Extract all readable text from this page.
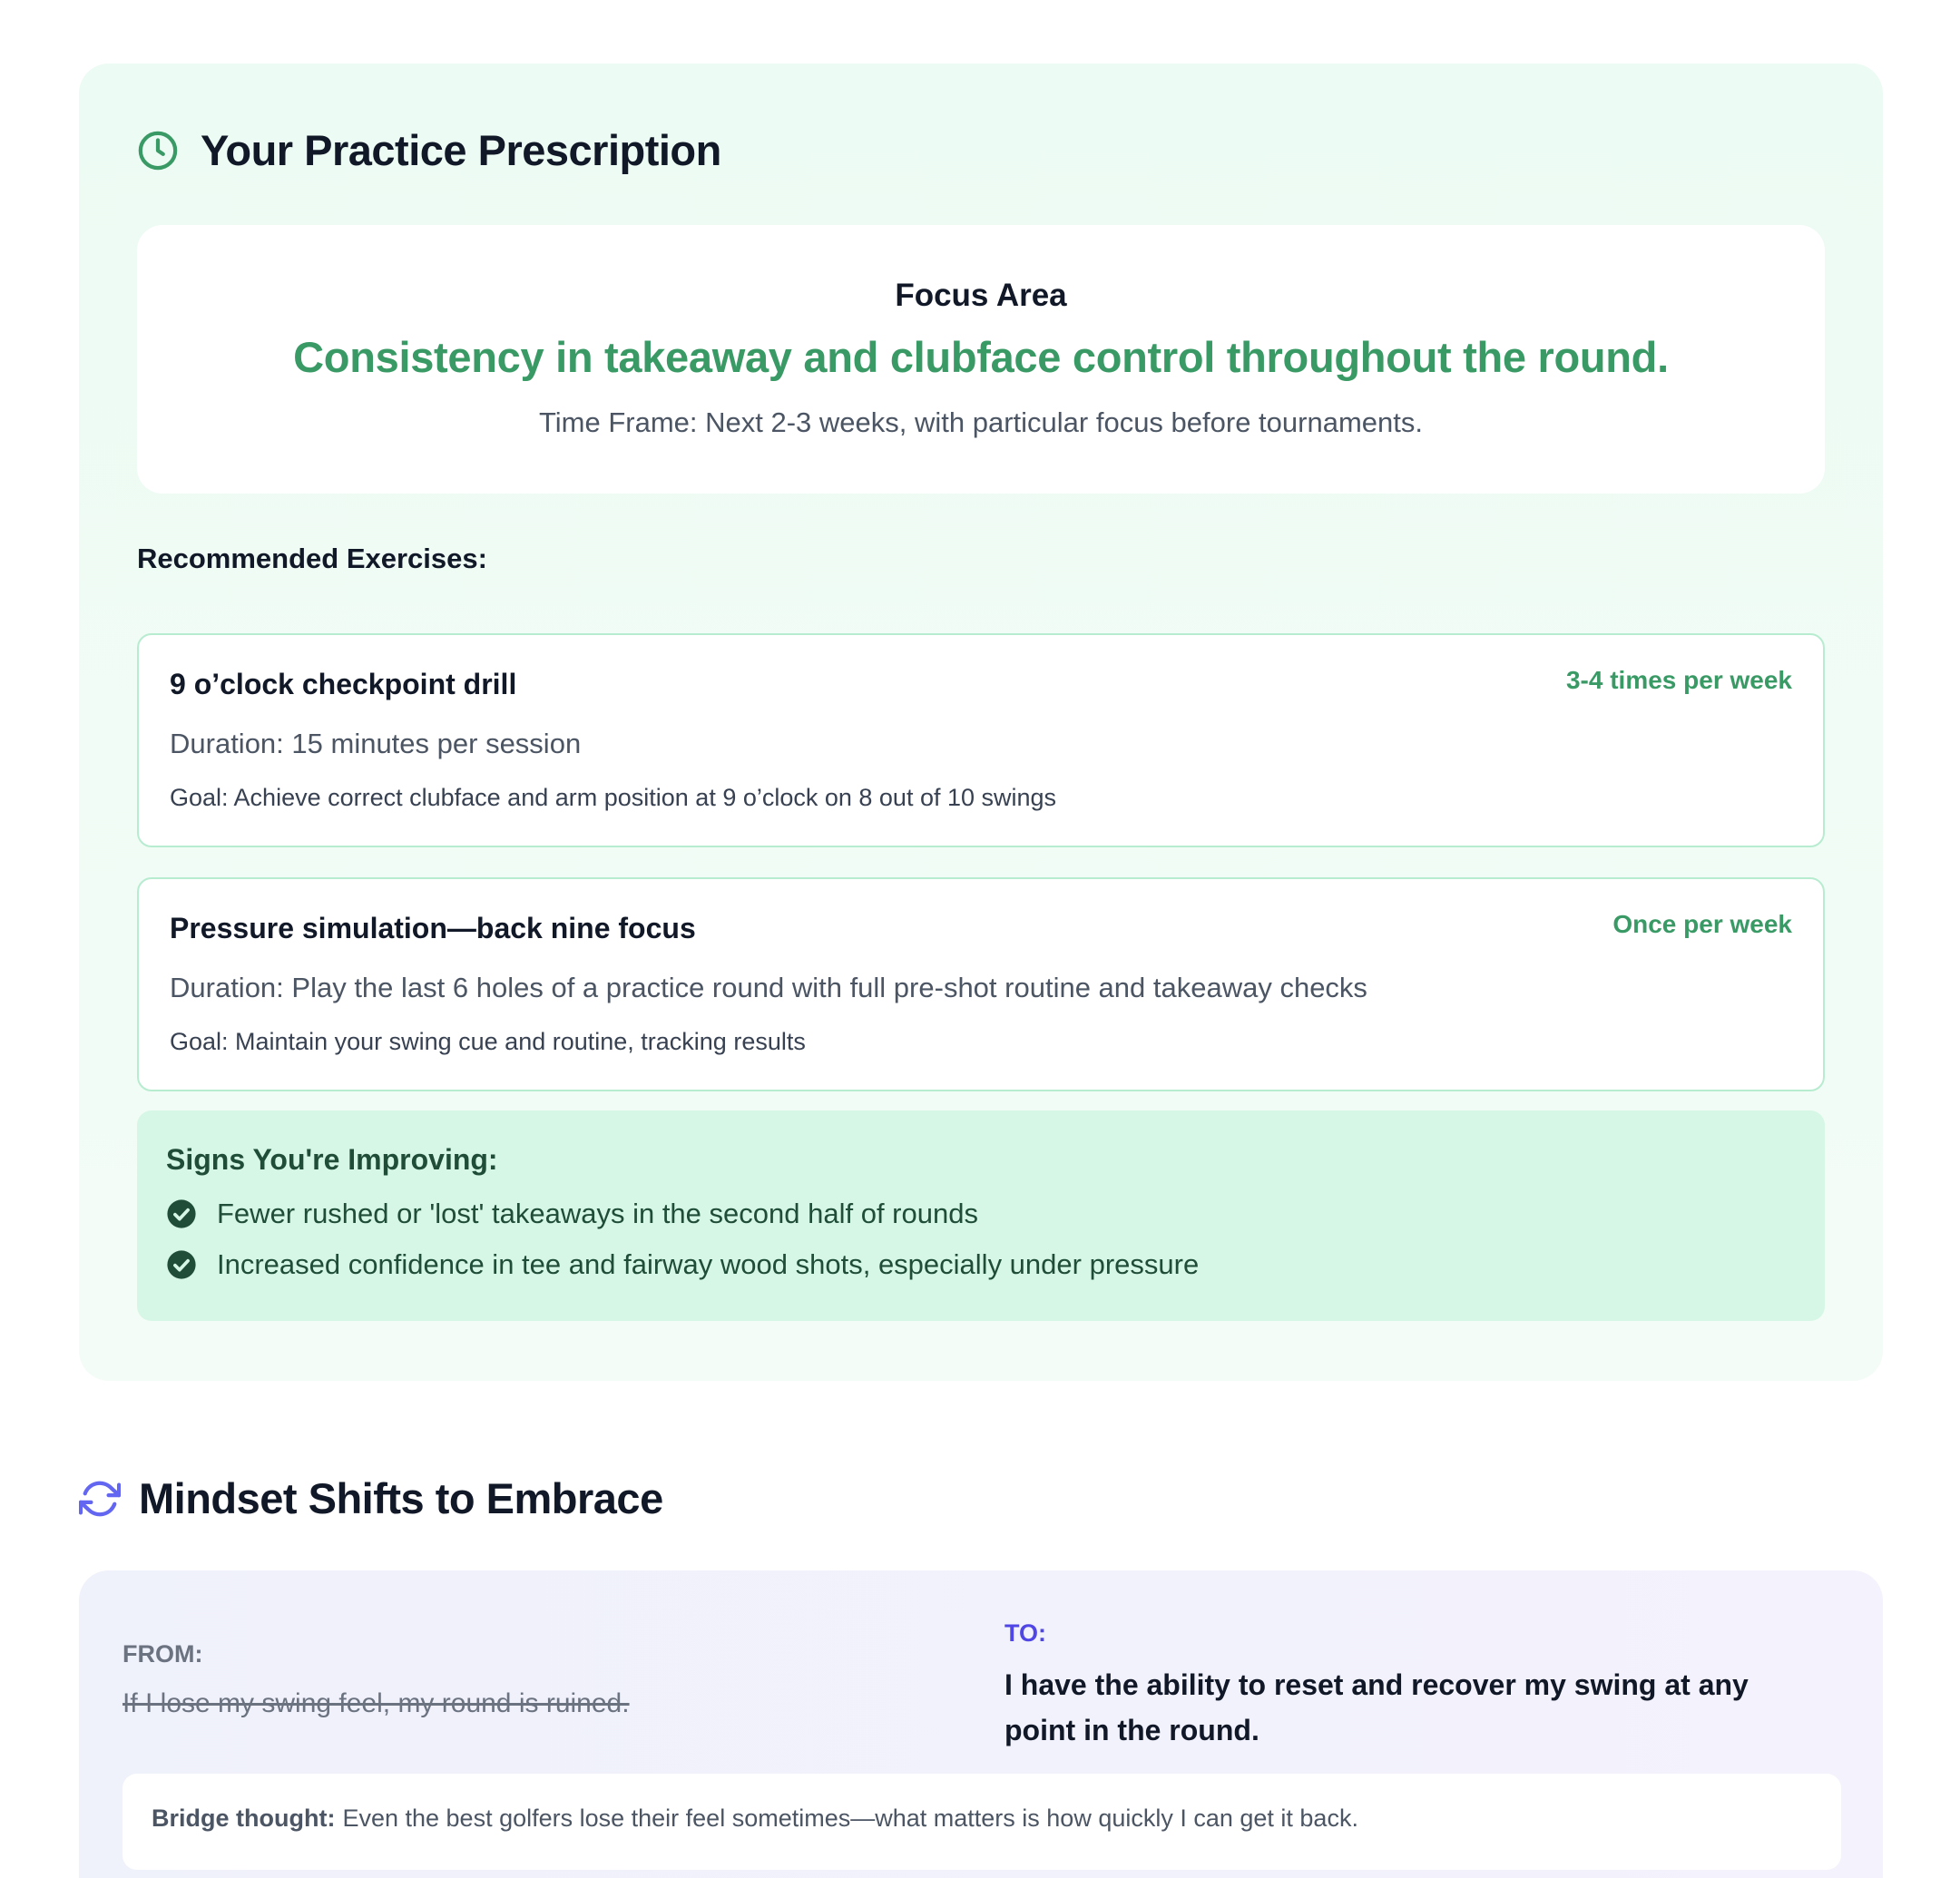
Your Practice Prescription
Focus Area
Consistency in takeaway and clubface control throughout the round.
Time Frame: Next 2-3 weeks, with particular focus before tournaments.
Recommended Exercises:
9 o’clock checkpoint drill	3-4 times per week
Duration: 15 minutes per session
Goal: Achieve correct clubface and arm position at 9 o’clock on 8 out of 10 swings
Pressure simulation—back nine focus	Once per week
Duration: Play the last 6 holes of a practice round with full pre-shot routine and takeaway checks
Goal: Maintain your swing cue and routine, tracking results
Signs You're Improving:
Fewer rushed or 'lost' takeaways in the second half of rounds
Increased confidence in tee and fairway wood shots, especially under pressure
Mindset Shifts to Embrace
FROM:
If I lose my swing feel, my round is ruined.
TO:
I have the ability to reset and recover my swing at any point in the round.
Bridge thought: Even the best golfers lose their feel sometimes—what matters is how quickly I can get it back.
